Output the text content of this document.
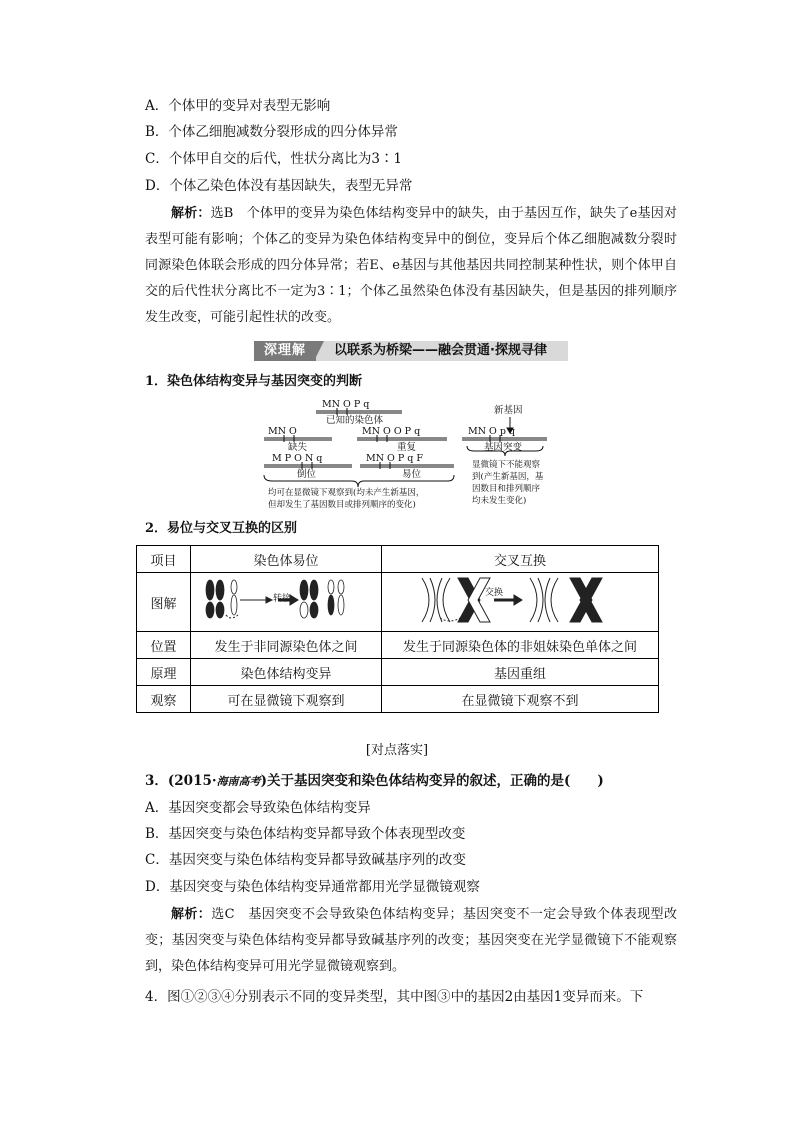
A．个体甲的变异对表型无影响
B．个体乙细胞减数分裂形成的四分体异常
C．个体甲自交的后代，性状分离比为3∶1
D．个体乙染色体没有基因缺失，表型无异常
解析：选B　 个体甲的变异为染色体结构变异中的缺失，由于基因互作，缺失了e基因对表型可能有影响；个体乙的变异为染色体结构变异中的倒位，变异后个体乙细胞减数分裂时同源染色体联会形成的四分体异常；若E、e基因与其他基因共同控制某种性状，则个体甲自交的后代性状分离比不一定为3∶1；个体乙虽然染色体没有基因缺失，但是基因的排列顺序发生改变，可能引起性状的改变。
深理解	以联系为桥梁——融会贯通·探规寻律
1．染色体结构变异与基因突变的判断
MN O P q
已知的染色体
MN O
缺失
MN O O P q
重复
M P O N q
倒位
MN O P q F
易位
均可在显微镜下观察到(均未产生新基因，
但却发生了基因数目或排列顺序的变化)
新基因
MN O p q
基因突变
显微镜下不能观察
到(产生新基因，基
因数目和排列顺序
均未发生变化)
2．易位与交叉互换的区别
项目	染色体易位	交叉互换
图解	转接	交换

位置	发生于非同源染色体之间	发生于同源染色体的非姐妹染色单体之间
原理	染色体结构变异	基因重组
观察	可在显微镜下观察到	在显微镜下观察不到
[对点落实]
3．(2015·海南高考)关于基因突变和染色体结构变异的叙述，正确的是(　　)
A．基因突变都会导致染色体结构变异
B．基因突变与染色体结构变异都导致个体表现型改变
C．基因突变与染色体结构变异都导致碱基序列的改变
D．基因突变与染色体结构变异通常都用光学显微镜观察
解析：选C　 基因突变不会导致染色体结构变异；基因突变不一定会导致个体表现型改变；基因突变与染色体结构变异都导致碱基序列的改变；基因突变在光学显微镜下不能观察到，染色体结构变异可用光学显微镜观察到。
4．图①②③④分别表示不同的变异类型，其中图③中的基因2由基因1变异而来。下
